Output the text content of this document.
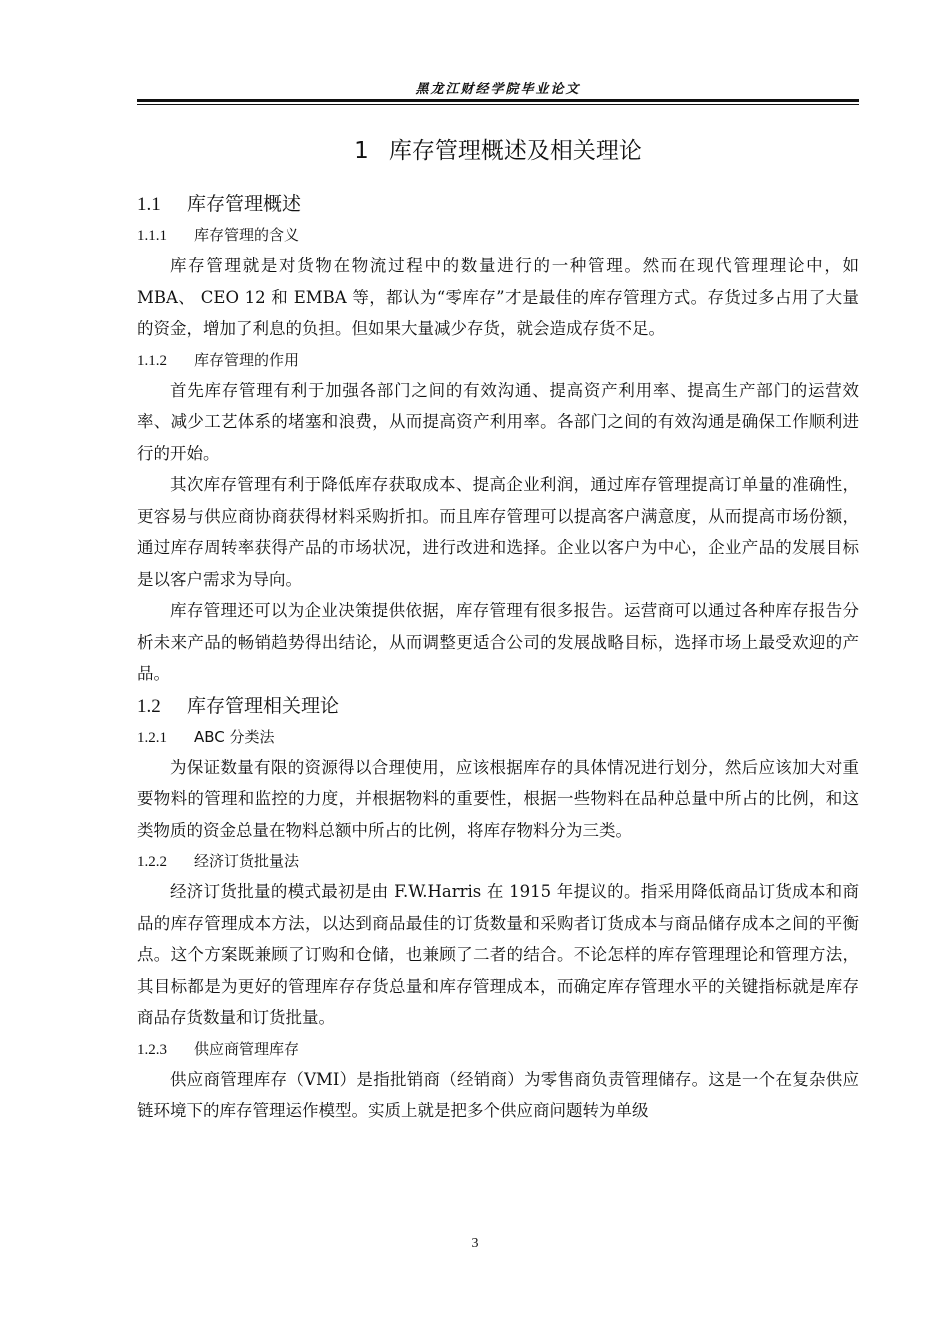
黑龙江财经学院毕业论文
1 库存管理概述及相关理论
1.1 库存管理概述
1.1.1 库存管理的含义

库存管理就是对货物在物流过程中的数量进行的一种管理。然而在现代管理理论中，如 MBA、 CEO 12 和 EMBA 等，都认为“零库存”才是最佳的库存管理方式。存货过多占用了大量的资金，增加了利息的负担。但如果大量减少存货，就会造成存货不足。

1.1.2 库存管理的作用

首先库存管理有利于加强各部门之间的有效沟通、提高资产利用率、提高生产部门的运营效率、减少工艺体系的堵塞和浪费，从而提高资产利用率。各部门之间的有效沟通是确保工作顺利进行的开始。

其次库存管理有利于降低库存获取成本、提高企业利润，通过库存管理提高订单量的准确性，更容易与供应商协商获得材料采购折扣。而且库存管理可以提高客户满意度，从而提高市场份额，通过库存周转率获得产品的市场状况，进行改进和选择。企业以客户为中心，企业产品的发展目标是以客户需求为导向。

库存管理还可以为企业决策提供依据，库存管理有很多报告。运营商可以通过各种库存报告分析未来产品的畅销趋势得出结论，从而调整更适合公司的发展战略目标，选择市场上最受欢迎的产品。

1.2 库存管理相关理论
1.2.1 ABC 分类法

为保证数量有限的资源得以合理使用，应该根据库存的具体情况进行划分，然后应该加大对重要物料的管理和监控的力度，并根据物料的重要性，根据一些物料在品种总量中所占的比例，和这类物质的资金总量在物料总额中所占的比例，将库存物料分为三类。

1.2.2 经济订货批量法

经济订货批量的模式最初是由 F.W.Harris 在 1915 年提议的。指采用降低商品订货成本和商品的库存管理成本方法，以达到商品最佳的订货数量和采购者订货成本与商品储存成本之间的平衡点。这个方案既兼顾了订购和仓储，也兼顾了二者的结合。不论怎样的库存管理理论和管理方法，其目标都是为更好的管理库存存货总量和库存管理成本，而确定库存管理水平的关键指标就是库存商品存货数量和订货批量。

1.2.3 供应商管理库存

供应商管理库存（VMI）是指批销商（经销商）为零售商负责管理储存。这是一个在复杂供应链环境下的库存管理运作模型。实质上就是把多个供应商问题转为单级

3
